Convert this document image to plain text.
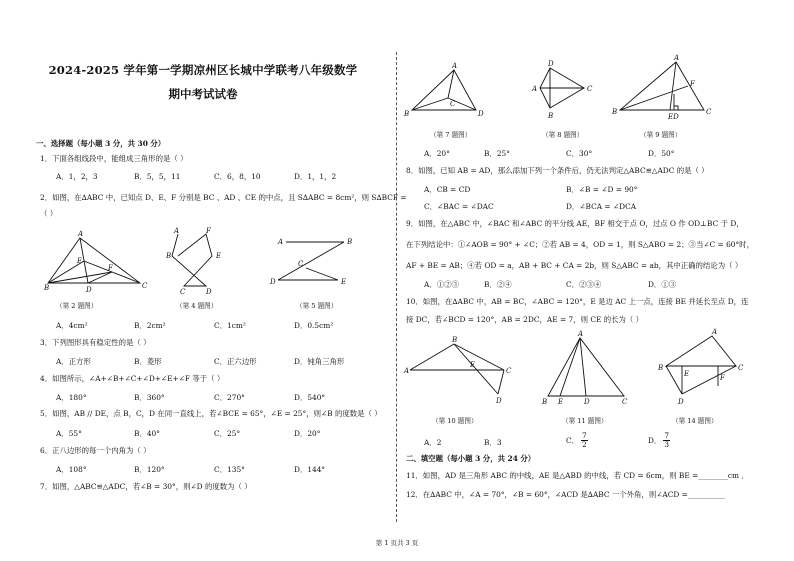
2024-2025 学年第一学期凉州区长城中学联考八年级数学
期中考试试卷
一、选择题（每小题 3 分，共 30 分）
1．下面各组线段中，能组成三角形的是（ ）
A．1，2，3	B．5，5，11	C．6，8，10	D．1，1，2
2．如图，在∆ABC 中，已知点 D、E、F 分别是 BC 、AD 、CE 的中点，且 S∆ABC = 8cm²，则 S∆BCF =
（ ）
A
B	C
D
E
F
A	F
B	E
C	D
A	B
C
D	E
（第 2 题图）	（第 4 题图）	（第 5 题图）
A．4cm²	B．2cm²	C．1cm²	D．0.5cm²
3．下列图形具有稳定性的是（ ）
A．正方形	B．菱形	C．正六边形	D．钝角三角形
4．如图所示，∠A+∠B+∠C+∠D+∠E+∠F 等于（ ）
A．180°	B．360°	C．270°	D．540°
5．如图，AB // DE，点 B，C，D 在同一直线上，若∠BCE = 65°，∠E = 25°，则∠B 的度数是（ ）
A．55°	B．40°	C．25°	D．20°
6．正八边形的每一个内角为（ ）
A．108°	B．120°	C．135°	D．144°
7．如图，△ABC≌△ADC，若∠B = 30°，则∠D 的度数为（ ）
A
B	D
C
D
A	C
B
A
B	C
F
ED
（第 7 题图）	（第 8 题图）	（第 9 题图）
A．20°	B．25°	C．30°	D．50°
8．如图，已知 AB = AD，那么添加下列一个条件后，仍无法判定△ABC≌△ADC 的是（ ）
A．CB = CD	B．∠B = ∠D = 90°
C．∠BAC = ∠DAC	D．∠BCA = ∠DCA
9．如图，在△ABC 中，∠BAC 和∠ABC 的平分线 AE，BF 相交于点 O，过点 O 作 OD⊥BC 于 D，
在下列结论中：①∠AOB = 90° + ∠C；②若 AB = 4，OD = 1，则 S△ABO = 2；③当∠C = 60°时，
AF + BE = AB；④若 OD = a，AB + BC + CA = 2b，则 S△ABC = ab，其中正确的结论为（ ）
A．①②③	B．②④	C．②③④	D．①③
10．如图，在∆ABC 中，AB = BC，∠ABC = 120°，E 是边 AC 上一点，连接 BE 并延长至点 D，连
接 DC，若∠BCD = 120°，AB = 2DC，AE = 7，则 CE 的长为（ ）
B
A	C
E
D
A
B E	D	C
A
B	C
E	F
D
（第 10 题图）	（第 11 题图）	（第 14 题图）
A．2	B．3	C． $\frac{7}{2}$	D． $\frac{7}{3}$
二、填空题（每小题 3 分，共 24 分）
11．如图，AD 是三角形 ABC 的中线，AE 是△ABD 的中线，若 CD = 6cm，则 BE =________cm ．
12．在∆ABC 中，∠A = 70°，∠B = 60°，∠ACD 是∆ABC 一个外角，则∠ACD =__________
第 1 页共 3 页
